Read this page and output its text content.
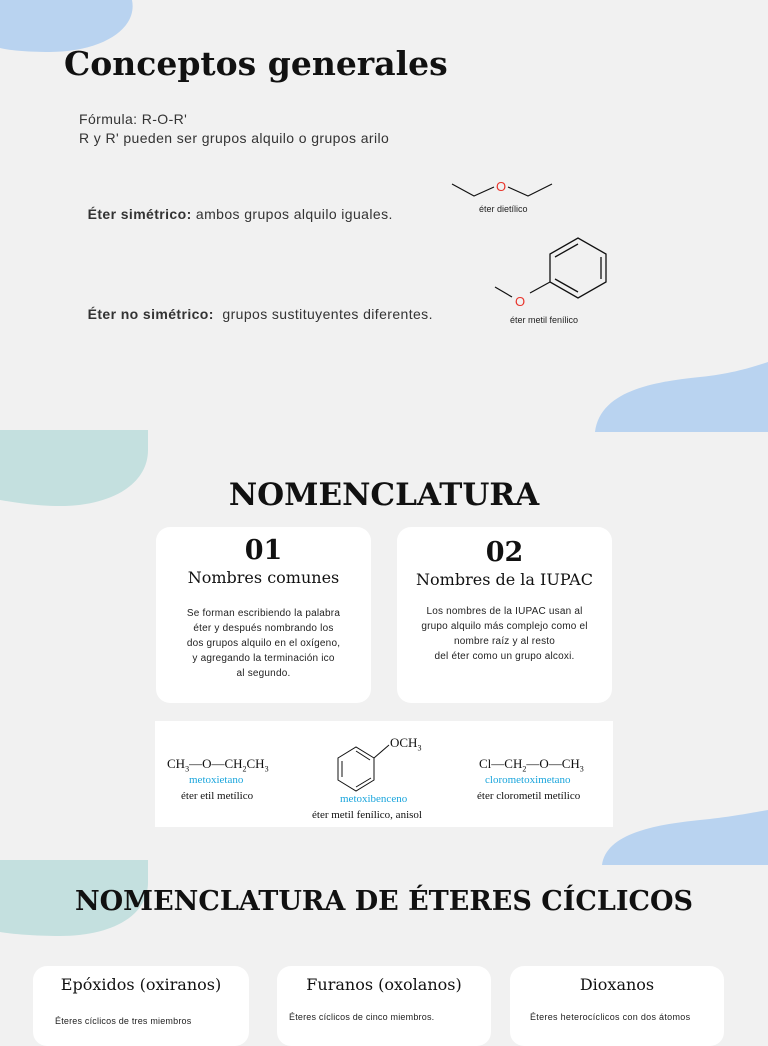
Conceptos generales
Fórmula: R-O-R'
R y R' pueden ser grupos alquilo o grupos arilo

Éter simétrico: ambos grupos alquilo iguales.

O
éter dietílico

Éter no simétrico:  grupos sustituyentes diferentes.

O
éter metil fenílico
NOMENCLATURA
01
Nombres comunes
Se forman escribiendo la palabra
éter y después nombrando los
dos grupos alquilo en el oxígeno,
y agregando la terminación ico
al segundo.
02
Nombres de la IUPAC
Los nombres de la IUPAC usan al
grupo alquilo más complejo como el
nombre raíz y al resto
del éter como un grupo alcoxi.
$CH_3—O—CH_2CH_3$
metoxietano
éter etil metílico
$OCH_3$
metoxibenceno
éter metil fenílico, anisol
$Cl—CH_2—O—CH_3$
clorometoximetano
éter clorometil metílico
NOMENCLATURA DE ÉTERES CÍCLICOS
Epóxidos (oxiranos)
Éteres cíclicos de tres miembros
Furanos (oxolanos)
Éteres cíclicos de cinco miembros.
Dioxanos
Éteres heterocíclicos con dos átomos
